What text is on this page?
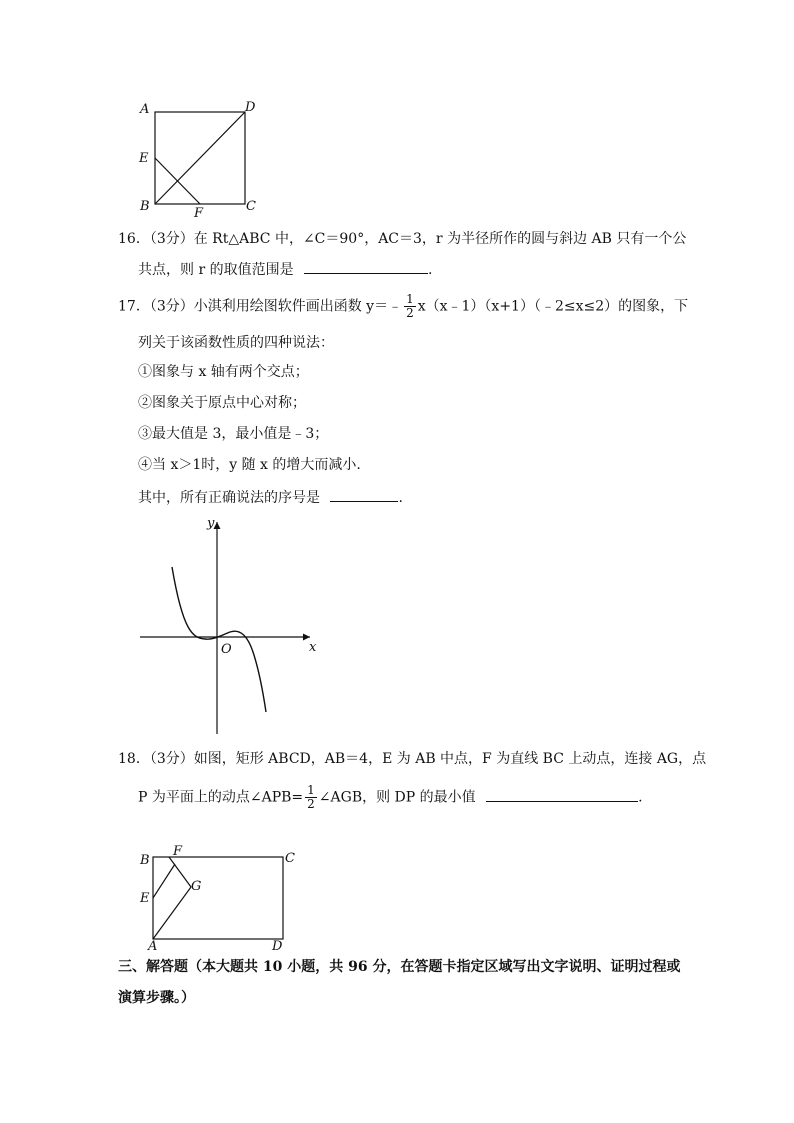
A	D
E
B	F	C
16．（3分）在 Rt△ABC 中，∠C＝90°，AC＝3，r 为半径所作的圆与斜边 AB 只有一个公
共点，则 r 的取值范围是	.
17．（3分）小淇利用绘图软件画出函数 y＝﹣ $\frac{1}{2}$ x（x﹣1）（x+1）（﹣2≤x≤2）的图象，下
列关于该函数性质的四种说法：
①图象与 x 轴有两个交点；
②图象关于原点中心对称；
③最大值是 3，最小值是﹣3；
④当 x＞1时，y 随 x 的增大而减小.
其中，所有正确说法的序号是	.
y
x
O
18．（3分）如图，矩形 ABCD，AB＝4，E 为 AB 中点，F 为直线 BC 上动点，连接 AG，点
P 为平面上的动点∠APB= $\frac{1}{2}$ ∠AGB，则 DP 的最小值	.
B
F	C
G
E
A	D
三、解答题（本大题共 10 小题，共 96 分，在答题卡指定区域写出文字说明、证明过程或
演算步骤。）
